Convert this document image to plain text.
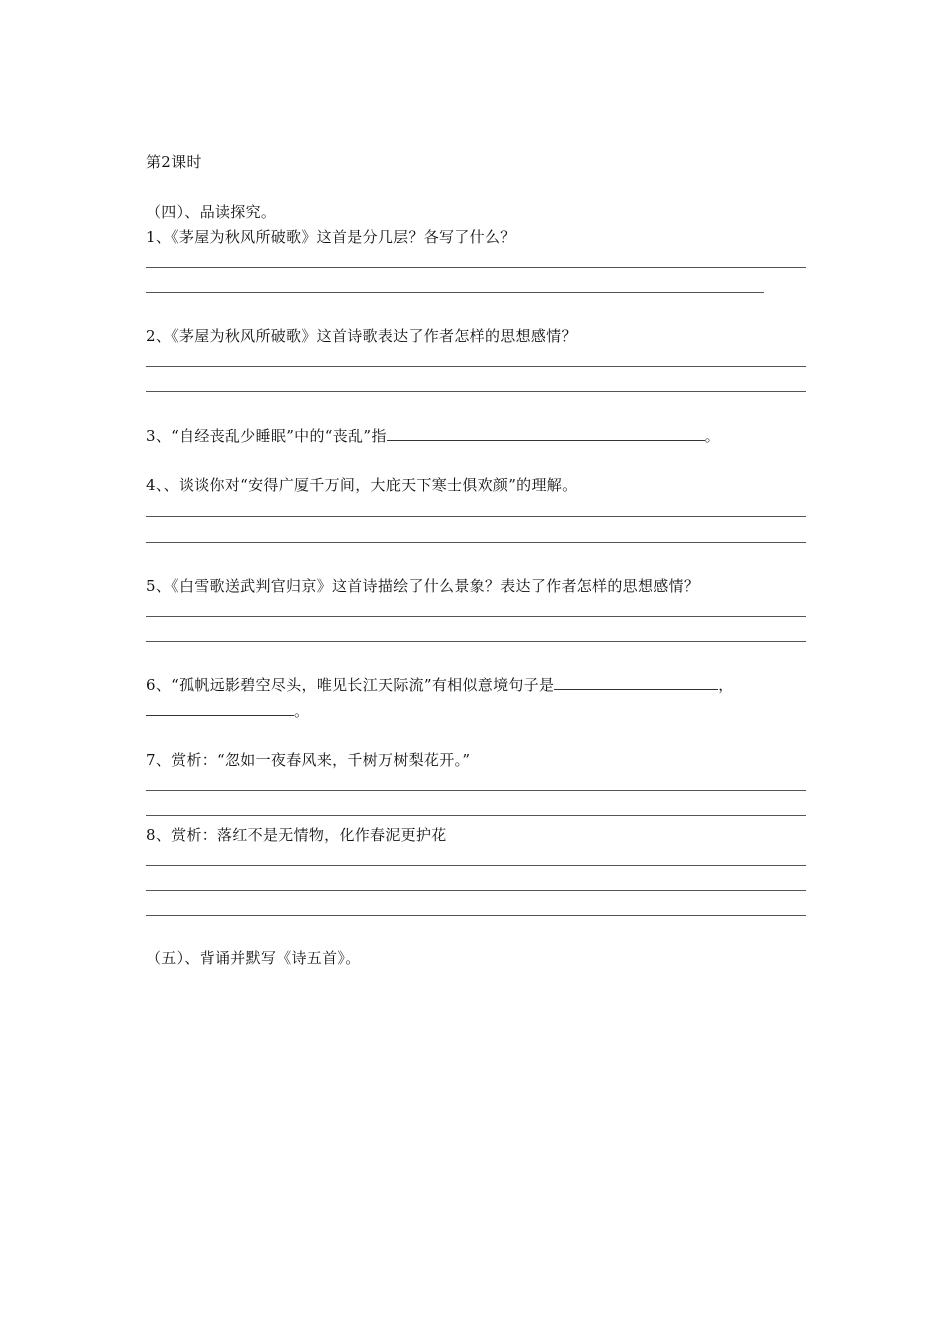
第2课时
（四）、品读探究。
1、《茅屋为秋风所破歌》这首是分几层？各写了什么？
2、《茅屋为秋风所破歌》这首诗歌表达了作者怎样的思想感情？
3、“自经丧乱少睡眠”中的“丧乱”指	。
4、、谈谈你对“安得广厦千万间，大庇天下寒士俱欢颜”的理解。
5、《白雪歌送武判官归京》这首诗描绘了什么景象？表达了作者怎样的思想感情？
6、“孤帆远影碧空尽头，唯见长江天际流”有相似意境句子是	，
。
7、赏析：“忽如一夜春风来，千树万树梨花开。”
8、赏析：落红不是无情物，化作春泥更护花
（五）、背诵并默写《诗五首》。
